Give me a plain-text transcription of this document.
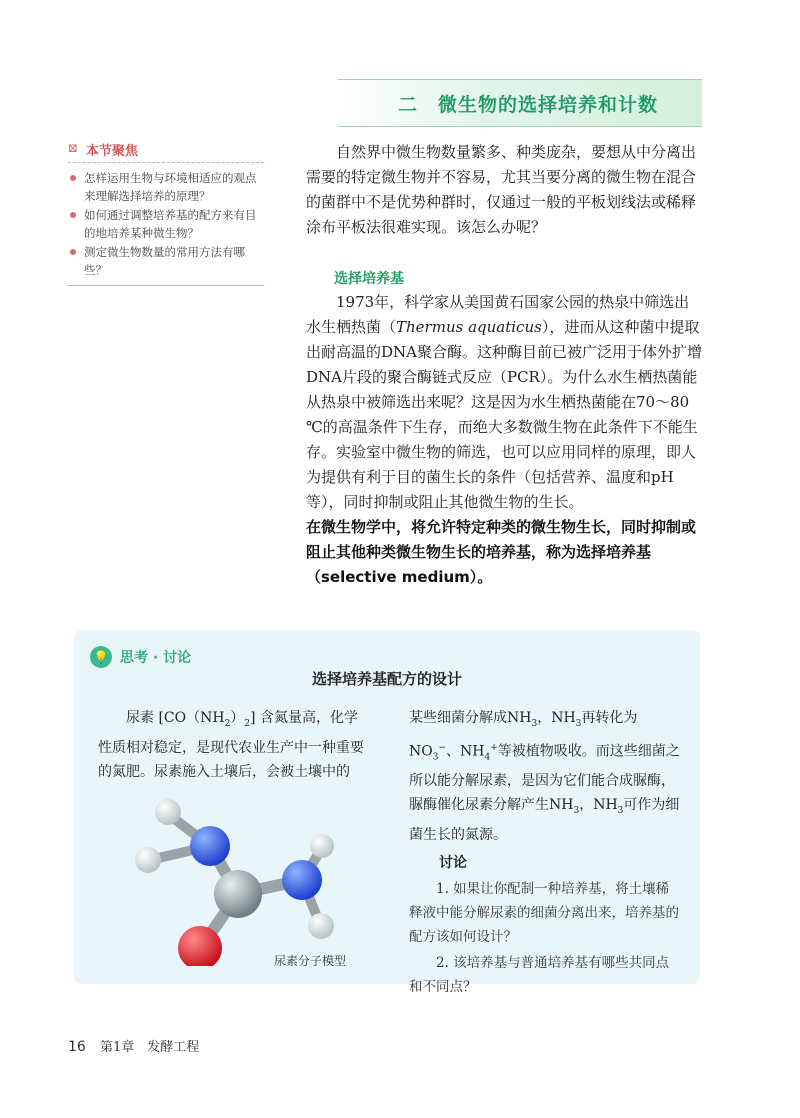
二　微生物的选择培养和计数
⊠ 本节聚焦
怎样运用生物与环境相适应的观点来理解选择培养的原理？
如何通过调整培养基的配方来有目的地培养某种微生物？
测定微生物数量的常用方法有哪些？

自然界中微生物数量繁多、种类庞杂，要想从中分离出需要的特定微生物并不容易，尤其当要分离的微生物在混合的菌群中不是优势种群时，仅通过一般的平板划线法或稀释涂布平板法很难实现。该怎么办呢？

选择培养基

1973年，科学家从美国黄石国家公园的热泉中筛选出水生栖热菌（Thermus aquaticus），进而从这种菌中提取出耐高温的DNA聚合酶。这种酶目前已被广泛用于体外扩增DNA片段的聚合酶链式反应（PCR）。为什么水生栖热菌能从热泉中被筛选出来呢？这是因为水生栖热菌能在70～80 ℃的高温条件下生存，而绝大多数微生物在此条件下不能生存。实验室中微生物的筛选，也可以应用同样的原理，即人为提供有利于目的菌生长的条件（包括营养、温度和pH等），同时抑制或阻止其他微生物的生长。

在微生物学中，将允许特定种类的微生物生长，同时抑制或阻止其他种类微生物生长的培养基，称为选择培养基（selective medium）。

💡 思考 · 讨论
选择培养基配方的设计

尿素 $[CO(NH_2)_2]$ 含氮量高，化学性质相对稳定，是现代农业生产中一种重要的氮肥。尿素施入土壤后，会被土壤中的

某些细菌分解成$NH_3$，$NH_3$再转化为$NO_3^-$、$NH_4^+$等被植物吸收。而这些细菌之所以能分解尿素，是因为它们能合成脲酶，脲酶催化尿素分解产生$NH_3$，$NH_3$可作为细菌生长的氮源。

讨论

1. 如果让你配制一种培养基，将土壤稀释液中能分解尿素的细菌分离出来，培养基的配方该如何设计？

2. 该培养基与普通培养基有哪些共同点和不同点？

尿素分子模型
16 第1章　发酵工程
